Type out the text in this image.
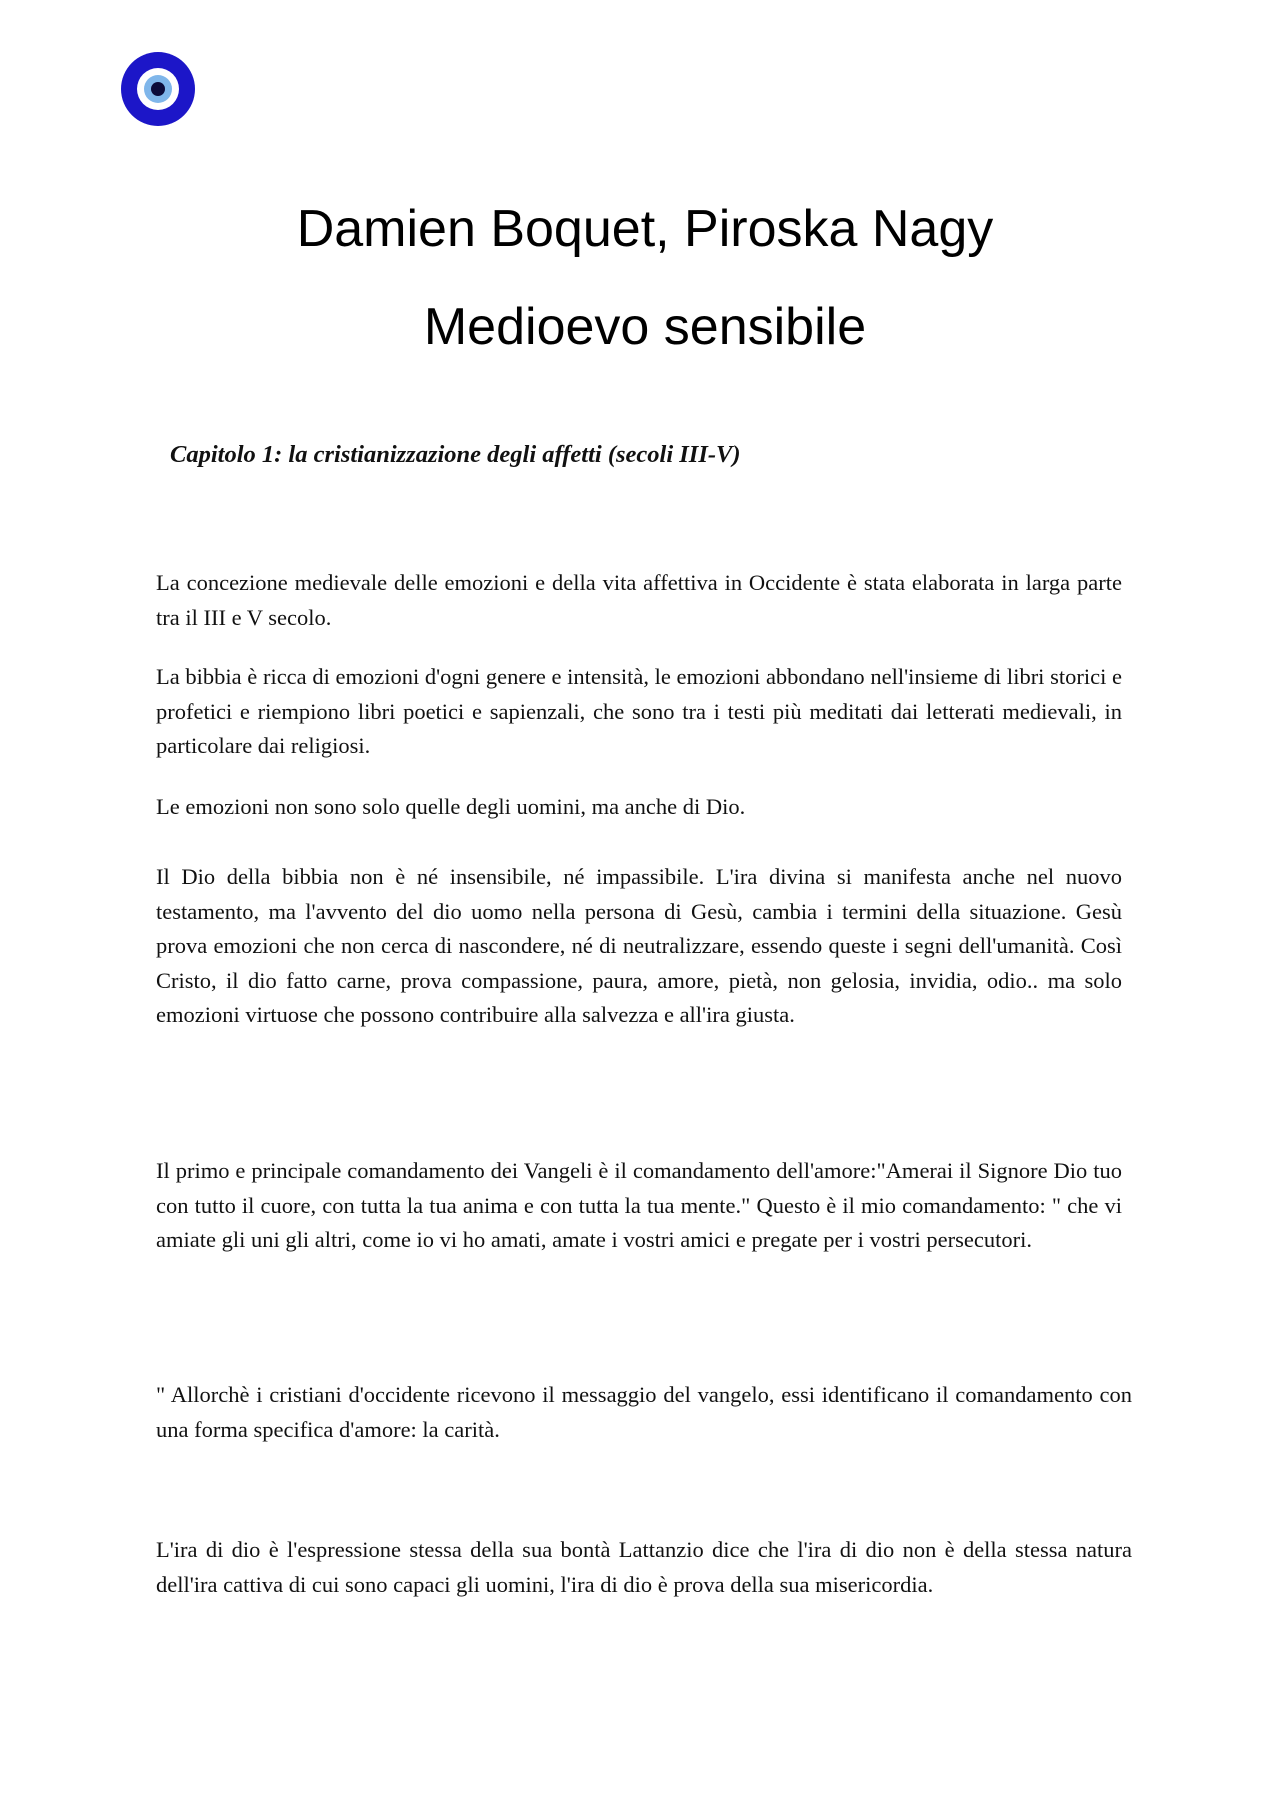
Damien Boquet, Piroska Nagy
Medioevo sensibile
Capitolo 1: la cristianizzazione degli affetti (secoli III-V)

La concezione medievale delle emozioni e della vita affettiva in Occidente è stata elaborata in larga parte tra il III e V secolo.

La bibbia è ricca di emozioni d'ogni genere e intensità, le emozioni abbondano nell'insieme di libri storici e profetici e riempiono libri poetici e sapienzali, che sono tra i testi più meditati dai letterati medievali, in particolare dai religiosi.

Le emozioni non sono solo quelle degli uomini, ma anche di Dio.

Il Dio della bibbia non è né insensibile, né impassibile. L'ira divina si manifesta anche nel nuovo testamento, ma l'avvento del dio uomo nella persona di Gesù, cambia i termini della situazione. Gesù prova emozioni che non cerca di nascondere, né di neutralizzare, essendo queste i segni dell'umanità. Così Cristo, il dio fatto carne, prova compassione, paura, amore, pietà, non gelosia, invidia, odio.. ma solo emozioni virtuose che possono contribuire alla salvezza e all'ira giusta.

Il primo e principale comandamento dei Vangeli è il comandamento dell'amore:"Amerai il Signore Dio tuo con tutto il cuore, con tutta la tua anima e con tutta la tua mente." Questo è il mio comandamento: " che vi amiate gli uni gli altri, come io vi ho amati, amate i vostri amici e pregate per i vostri persecutori.

" Allorchè i cristiani d'occidente ricevono il messaggio del vangelo, essi identificano il comandamento con una forma specifica d'amore: la carità.

L'ira di dio è l'espressione stessa della sua bontà Lattanzio dice che l'ira di dio non è della stessa natura dell'ira cattiva di cui sono capaci gli uomini, l'ira di dio è prova della sua misericordia.
